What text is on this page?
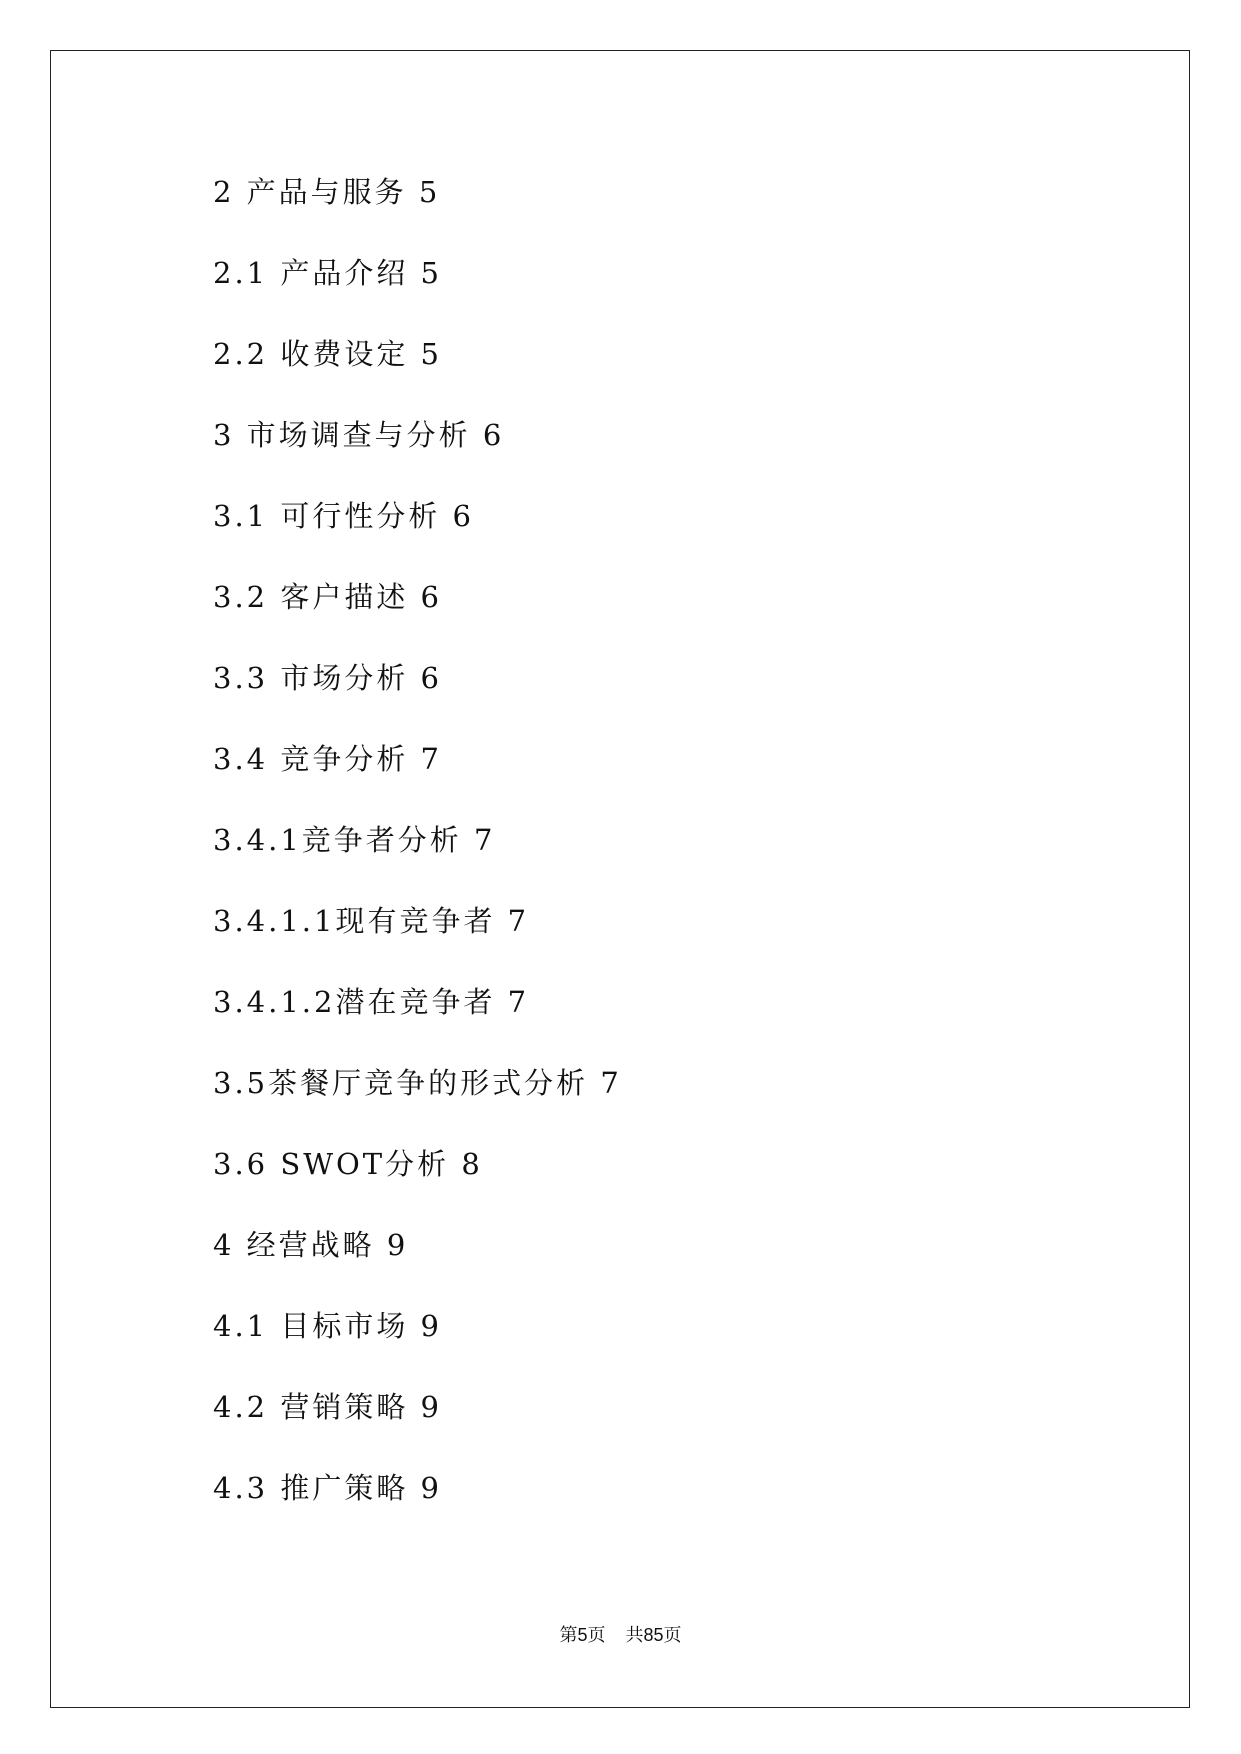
2 产品与服务 5
2.1 产品介绍 5
2.2 收费设定 5
3 市场调查与分析 6
3.1 可行性分析 6
3.2 客户描述 6
3.3 市场分析 6
3.4 竞争分析 7
3.4.1竞争者分析 7
3.4.1.1现有竞争者 7
3.4.1.2潜在竞争者 7
3.5茶餐厅竞争的形式分析 7
3.6 SWOT分析 8
4 经营战略 9
4.1 目标市场 9
4.2 营销策略 9
4.3 推广策略 9
第5页    共85页
